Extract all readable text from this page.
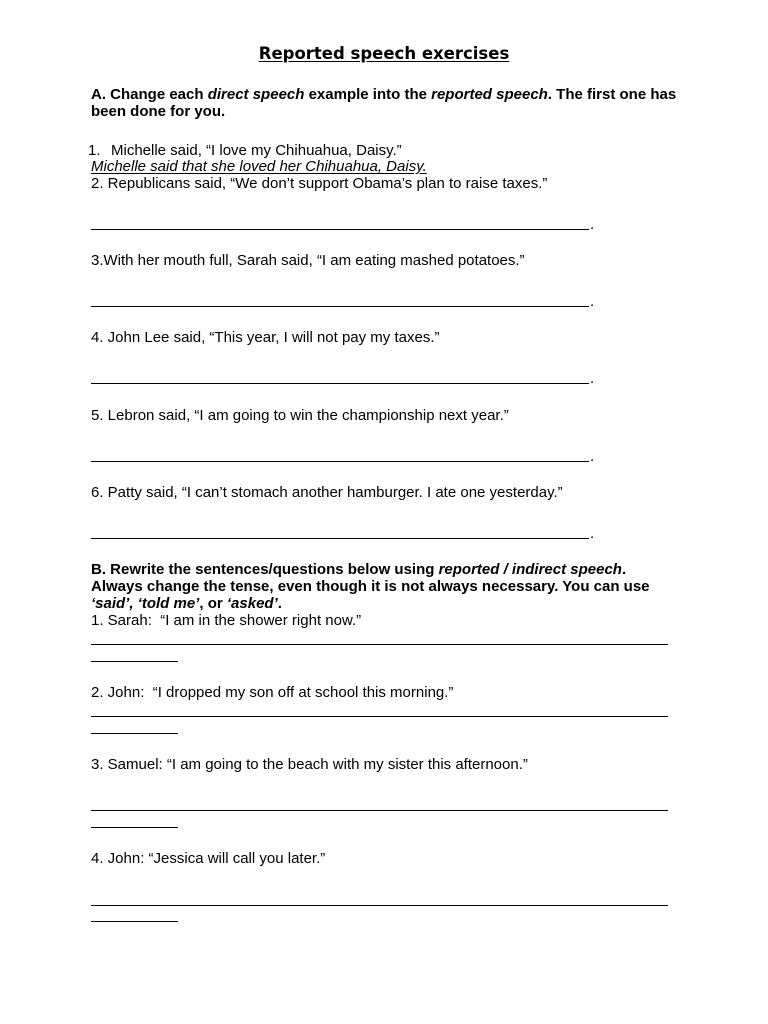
Reported speech exercises
A. Change each direct speech example into the reported speech. The first one has been done for you.
1. Michelle said, “I love my Chihuahua, Daisy.”
Michelle said that she loved her Chihuahua, Daisy.
2. Republicans said, “We don’t support Obama’s plan to raise taxes.”
.
3.With her mouth full, Sarah said, “I am eating mashed potatoes.”
.
4. John Lee said, “This year, I will not pay my taxes.”
.
5. Lebron said, “I am going to win the championship next year.”
.
6. Patty said, “I can’t stomach another hamburger. I ate one yesterday.”
.
B. Rewrite the sentences/questions below using reported / indirect speech. Always change the tense, even though it is not always necessary. You can use ‘said’, ‘told me’, or ‘asked’.
1. Sarah:  “I am in the shower right now.”
2. John:  “I dropped my son off at school this morning.”
3. Samuel: “I am going to the beach with my sister this afternoon.”
4. John: “Jessica will call you later.”
